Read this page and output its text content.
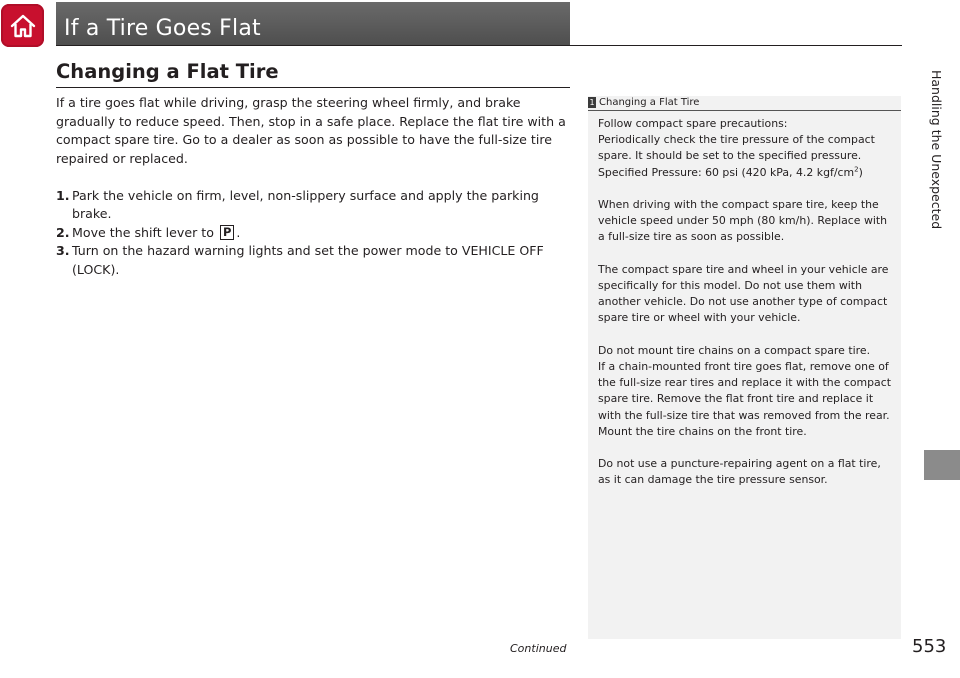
If a Tire Goes Flat
Handling the Unexpected
Changing a Flat Tire

If a tire goes flat while driving, grasp the steering wheel firmly, and brake gradually to reduce speed. Then, stop in a safe place. Replace the flat tire with a compact spare tire. Go to a dealer as soon as possible to have the full-size tire repaired or replaced.

1. Park the vehicle on firm, level, non-slippery surface and apply the parking brake.
2. Move the shift lever to P .
3. Turn on the hazard warning lights and set the power mode to VEHICLE OFF (LOCK).
1 Changing a Flat Tire

Follow compact spare precautions:
Periodically check the tire pressure of the compact spare. It should be set to the specified pressure.
Specified Pressure: 60 psi (420 kPa, 4.2 kgf/$cm^2$)

When driving with the compact spare tire, keep the vehicle speed under 50 mph (80 km/h). Replace with a full-size tire as soon as possible.

The compact spare tire and wheel in your vehicle are specifically for this model. Do not use them with another vehicle. Do not use another type of compact spare tire or wheel with your vehicle.

Do not mount tire chains on a compact spare tire.
If a chain-mounted front tire goes flat, remove one of the full-size rear tires and replace it with the compact spare tire. Remove the flat front tire and replace it with the full-size tire that was removed from the rear. Mount the tire chains on the front tire.

Do not use a puncture-repairing agent on a flat tire, as it can damage the tire pressure sensor.

Continued	553
